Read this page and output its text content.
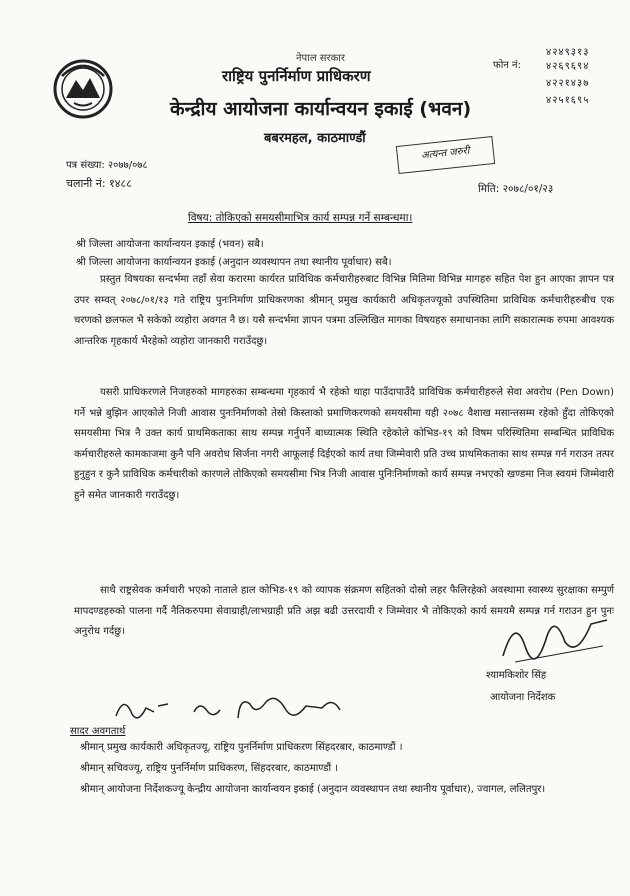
नेपाल सरकार
राष्ट्रिय पुनर्निर्माण प्राधिकरण
केन्द्रीय आयोजना कार्यान्वयन इकाई (भवन)
बबरमहल, काठमाण्डौं
फोन नं:
४२४९३१३
४२६९६९४
४२२१४३७
४२५१६९५
पत्र संख्या: २०७७/०७८
चलानी नं: १४८८
अत्यन्त जरुरी
मिति: २०७८/०१/२३
विषय: तोकिएको समयसीमाभित्र कार्य सम्पन्न गर्ने सम्बन्धमा।
श्री जिल्ला आयोजना कार्यान्वयन इकाई (भवन) सबै।
श्री जिल्ला आयोजना कार्यान्वयन इकाई (अनुदान व्यवस्थापन तथा स्थानीय पूर्वाधार) सबै।

प्रस्तुत विषयका सन्दर्भमा तहाँ सेवा करारमा कार्यरत प्राविधिक कर्मचारीहरुबाट विभिन्न मितिमा विभिन्न मागहरु सहित पेश हुन आएका ज्ञापन पत्र उपर सम्वत् २०७८/०१/१३ गते राष्ट्रिय पुनःनिर्माण प्राधिकरणका श्रीमान् प्रमुख कार्यकारी अधिकृतज्यूको उपस्थितिमा प्राविधिक कर्मचारीहरुबीच एक चरणको छलफल भै सकेको व्यहोरा अवगत नै छ। यसै सन्दर्भमा ज्ञापन पत्रमा उल्लिखित मागका विषयहरु समाधानका लागि सकारात्मक रुपमा आवश्यक आन्तरिक गृहकार्य भैरहेको व्यहोरा जानकारी गराउँदछु।

यसरी प्राधिकरणले निजहरुको मागहरुका सम्बन्धमा गृहकार्य भै रहेको थाहा पाउँदापाउँदै प्राविधिक कर्मचारीहरुले सेवा अवरोध (Pen Down) गर्ने भन्ने बुझिन आएकोले निजी आवास पुनःनिर्माणको तेस्रो किस्ताको प्रमाणिकरणको समयसीमा यही २०७८ वैशाख मसान्तसम्म रहेको हुँदा तोकिएको समयसीमा भित्र नै उक्त कार्य प्राथमिकताका साथ सम्पन्न गर्नुपर्ने बाध्यात्मक स्थिति रहेकोले कोभिड-१९ को विषम परिस्थितिमा सम्बन्धित प्राविधिक कर्मचारीहरुले कामकाजमा कुनै पनि अवरोध सिर्जना नगरी आफूलाई दिईएको कार्य तथा जिम्मेवारी प्रति उच्च प्राथमिकताका साथ सम्पन्न गर्न गराउन तत्पर हुनुहुन र कुनै प्राविधिक कर्मचारीको कारणले तोकिएको समयसीमा भित्र निजी आवास पुनिःनिर्माणको कार्य सम्पन्न नभएको खण्डमा निज स्वयमं जिम्मेवारी हुने समेत जानकारी गराउँदछु।

साथै राष्ट्रसेवक कर्मचारी भएको नाताले हाल कोभिड-१९ को व्यापक संक्रमण सहितको दोस्रो लहर फैलिरहेको अवस्थामा स्वास्थ्य सुरक्षाका सम्पुर्ण मापदण्डहरुको पालना गर्दै नैतिकरुपमा सेवाग्राही/लाभग्राही प्रति अझ बढी उत्तरदायी र जिम्मेवार भै तोकिएको कार्य समयमै सम्पन्न गर्न गराउन हुन पुनः अनुरोध गर्दछु।

श्यामकिशोर सिंह
आयोजना निर्देशक
सादर अवगतार्थ
श्रीमान् प्रमुख कार्यकारी अधिकृतज्यू, राष्ट्रिय पुनर्निर्माण प्राधिकरण सिंहदरबार, काठमाण्डौं ।
श्रीमान् सचिवज्यू, राष्ट्रिय पुनर्निर्माण प्राधिकरण, सिंहदरबार, काठमाण्डौं ।
श्रीमान् आयोजना निर्देशकज्यू केन्द्रीय आयोजना कार्यान्वयन इकाई (अनुदान व्यवस्थापन तथा स्थानीय पूर्वाधार), ज्वागल, ललितपुर।
